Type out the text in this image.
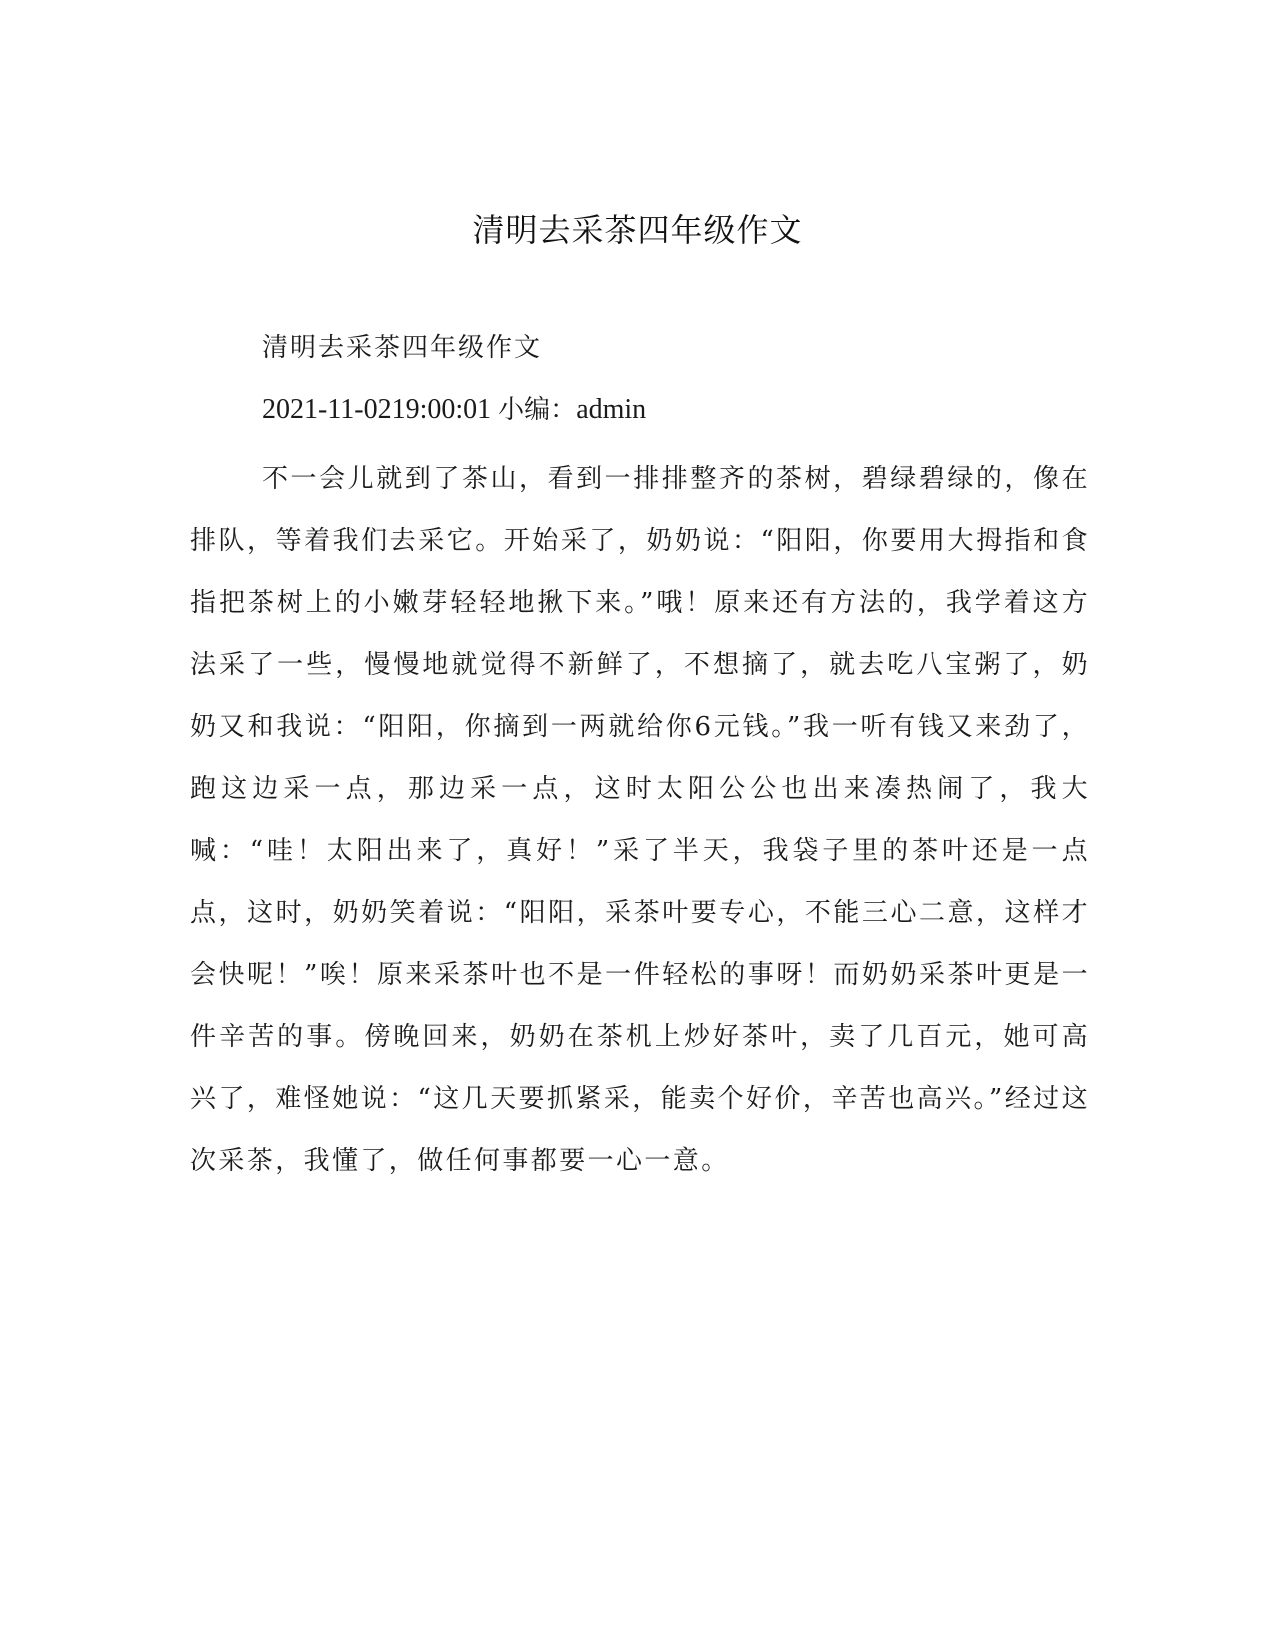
清明去采茶四年级作文

清明去采茶四年级作文

2021-11-0219:00:01 小编：admin

不一会儿就到了茶山，看到一排排整齐的茶树，碧绿碧绿的，像在排队，等着我们去采它。开始采了，奶奶说：“阳阳，你要用大拇指和食指把茶树上的小嫩芽轻轻地揪下来。”哦！原来还有方法的，我学着这方法采了一些，慢慢地就觉得不新鲜了，不想摘了，就去吃八宝粥了，奶奶又和我说：“阳阳，你摘到一两就给你6元钱。”我一听有钱又来劲了，跑这边采一点，那边采一点，这时太阳公公也出来凑热闹了，我大喊：“哇！太阳出来了，真好！”采了半天，我袋子里的茶叶还是一点点，这时，奶奶笑着说：“阳阳，采茶叶要专心，不能三心二意，这样才会快呢！”唉！原来采茶叶也不是一件轻松的事呀！而奶奶采茶叶更是一件辛苦的事。傍晚回来，奶奶在茶机上炒好茶叶，卖了几百元，她可高兴了，难怪她说：“这几天要抓紧采，能卖个好价，辛苦也高兴。”经过这次采茶，我懂了，做任何事都要一心一意。
